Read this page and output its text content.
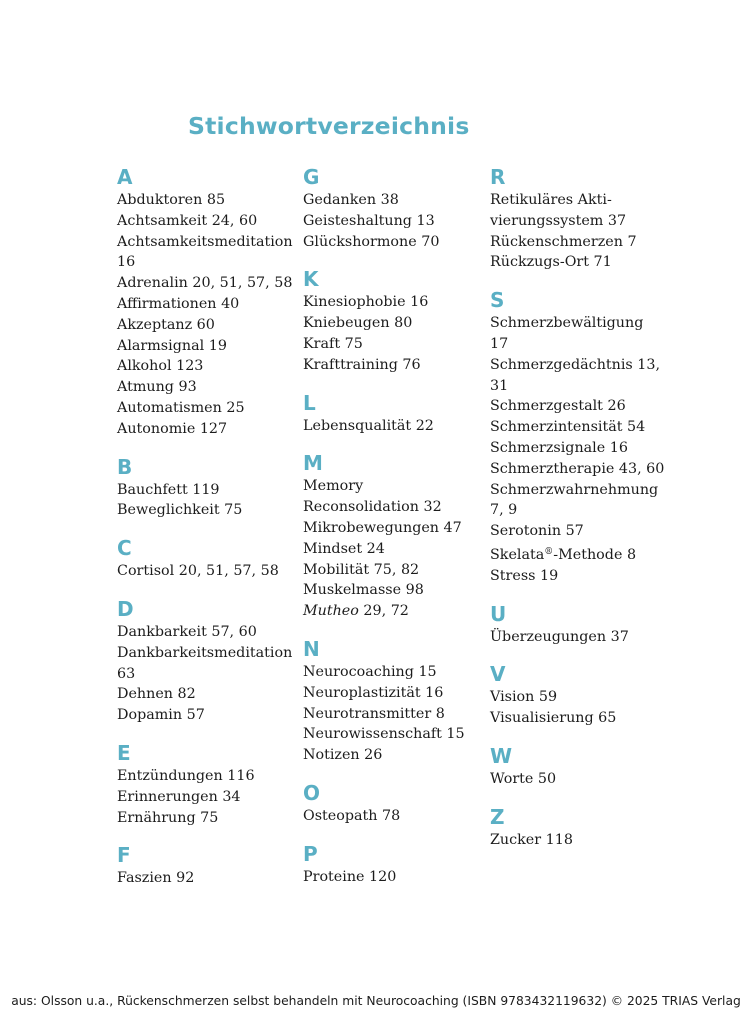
Stichwortverzeichnis
A
Abduktoren 85
Achtsamkeit 24, 60
Achtsamkeitsmeditation
16
Adrenalin 20, 51, 57, 58
Affirmationen 40
Akzeptanz 60
Alarmsignal 19
Alkohol 123
Atmung 93
Automatismen 25
Autonomie 127
B
Bauchfett 119
Beweglichkeit 75
C
Cortisol 20, 51, 57, 58
D
Dankbarkeit 57, 60
Dankbarkeitsmeditation
63
Dehnen 82
Dopamin 57
E
Entzündungen 116
Erinnerungen 34
Ernährung 75
F
Faszien 92
G
Gedanken 38
Geisteshaltung 13
Glückshormone 70
K
Kinesiophobie 16
Kniebeugen 80
Kraft 75
Krafttraining 76
L
Lebensqualität 22
M
Memory
Reconsolidation 32
Mikrobewegungen 47
Mindset 24
Mobilität 75, 82
Muskelmasse 98
Mutheo 29, 72
N
Neurocoaching 15
Neuroplastizität 16
Neurotransmitter 8
Neurowissenschaft 15
Notizen 26
O
Osteopath 78
P
Proteine 120
R
Retikuläres Akti-
vierungssystem 37
Rückenschmerzen 7
Rückzugs-Ort 71
S
Schmerzbewältigung
17
Schmerzgedächtnis 13,
31
Schmerzgestalt 26
Schmerzintensität 54
Schmerzsignale 16
Schmerztherapie 43, 60
Schmerzwahrnehmung
7, 9
Serotonin 57
Skelata®-Methode 8
Stress 19
U
Überzeugungen 37
V
Vision 59
Visualisierung 65
W
Worte 50
Z
Zucker 118

aus: Olsson u.a., Rückenschmerzen selbst behandeln mit Neurocoaching (ISBN 9783432119632) © 2025 TRIAS Verlag
